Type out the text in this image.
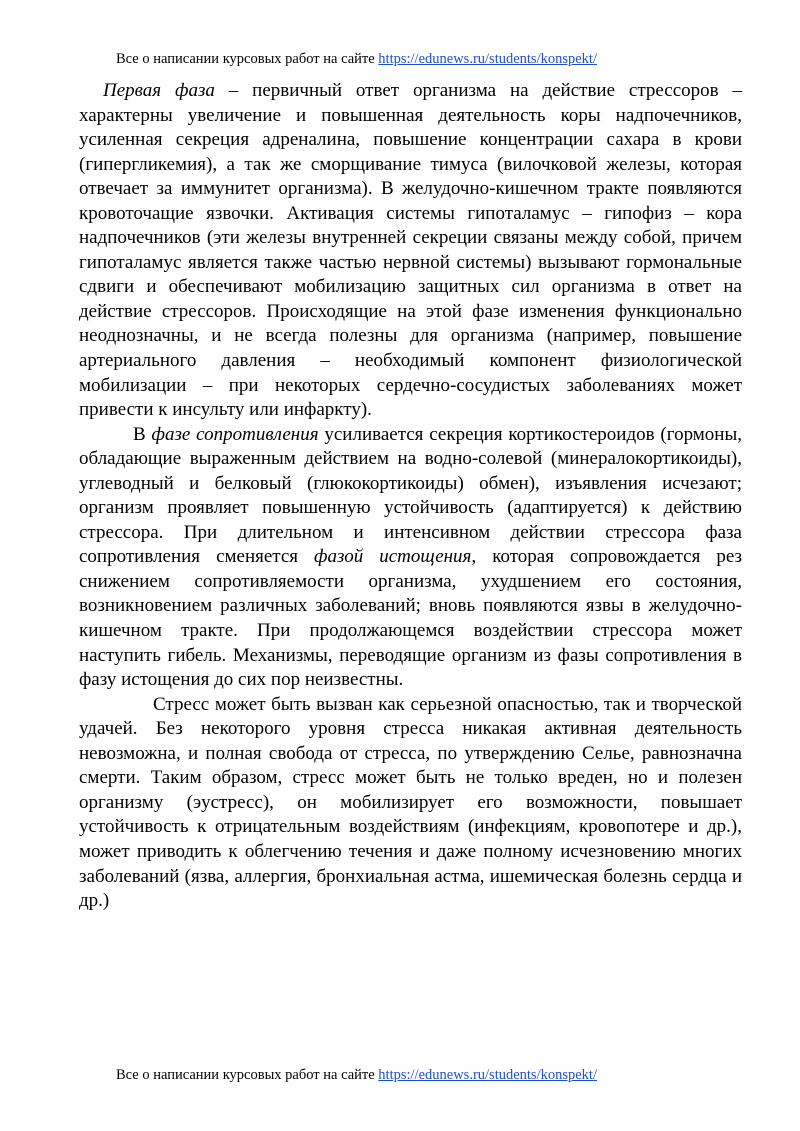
Все о написании курсовых работ на сайте https://edunews.ru/students/konspekt/

Первая фаза – первичный ответ организма на действие стрессоров – характерны увеличение и повышенная деятельность коры надпочечников, усиленная секреция адреналина, повышение концентрации сахара в крови (гипергликемия), а так же сморщивание тимуса (вилочковой железы, которая отвечает за иммунитет организма). В желудочно-кишечном тракте появляются кровоточащие язвочки. Активация системы гипоталамус – гипофиз – кора надпочечников (эти железы внутренней секреции связаны между собой, причем гипоталамус является также частью нервной системы) вызывают гормональные сдвиги и обеспечивают мобилизацию защитных сил организма в ответ на действие стрессоров. Происходящие на этой фазе изменения функционально неоднозначны, и не всегда полезны для организма (например, повышение артериального давления – необходимый компонент физиологической мобилизации – при некоторых сердечно-сосудистых заболеваниях может привести к инсульту или инфаркту).

В фазе сопротивления усиливается секреция кортикостероидов (гормоны, обладающие выраженным действием на водно-солевой (минералокортикоиды), углеводный и белковый (глюкокортикоиды) обмен), изъявления исчезают; организм проявляет повышенную устойчивость (адаптируется) к действию стрессора. При длительном и интенсивном действии стрессора фаза сопротивления сменяется фазой истощения, которая сопровождается рез снижением сопротивляемости организма, ухудшением его состояния, возникновением различных заболеваний; вновь появляются язвы в желудочно-кишечном тракте. При продолжающемся воздействии стрессора может наступить гибель. Механизмы, переводящие организм из фазы сопротивления в фазу истощения до сих пор неизвестны.

Стресс может быть вызван как серьезной опасностью, так и творческой удачей. Без некоторого уровня стресса никакая активная деятельность невозможна, и полная свобода от стресса, по утверждению Селье, равнозначна смерти. Таким образом, стресс может быть не только вреден, но и полезен организму (эустресс), он мобилизирует его возможности, повышает устойчивость к отрицательным воздействиям (инфекциям, кровопотере и др.), может приводить к облегчению течения и даже полному исчезновению многих заболеваний (язва, аллергия, бронхиальная астма, ишемическая болезнь сердца и др.)

Все о написании курсовых работ на сайте https://edunews.ru/students/konspekt/
